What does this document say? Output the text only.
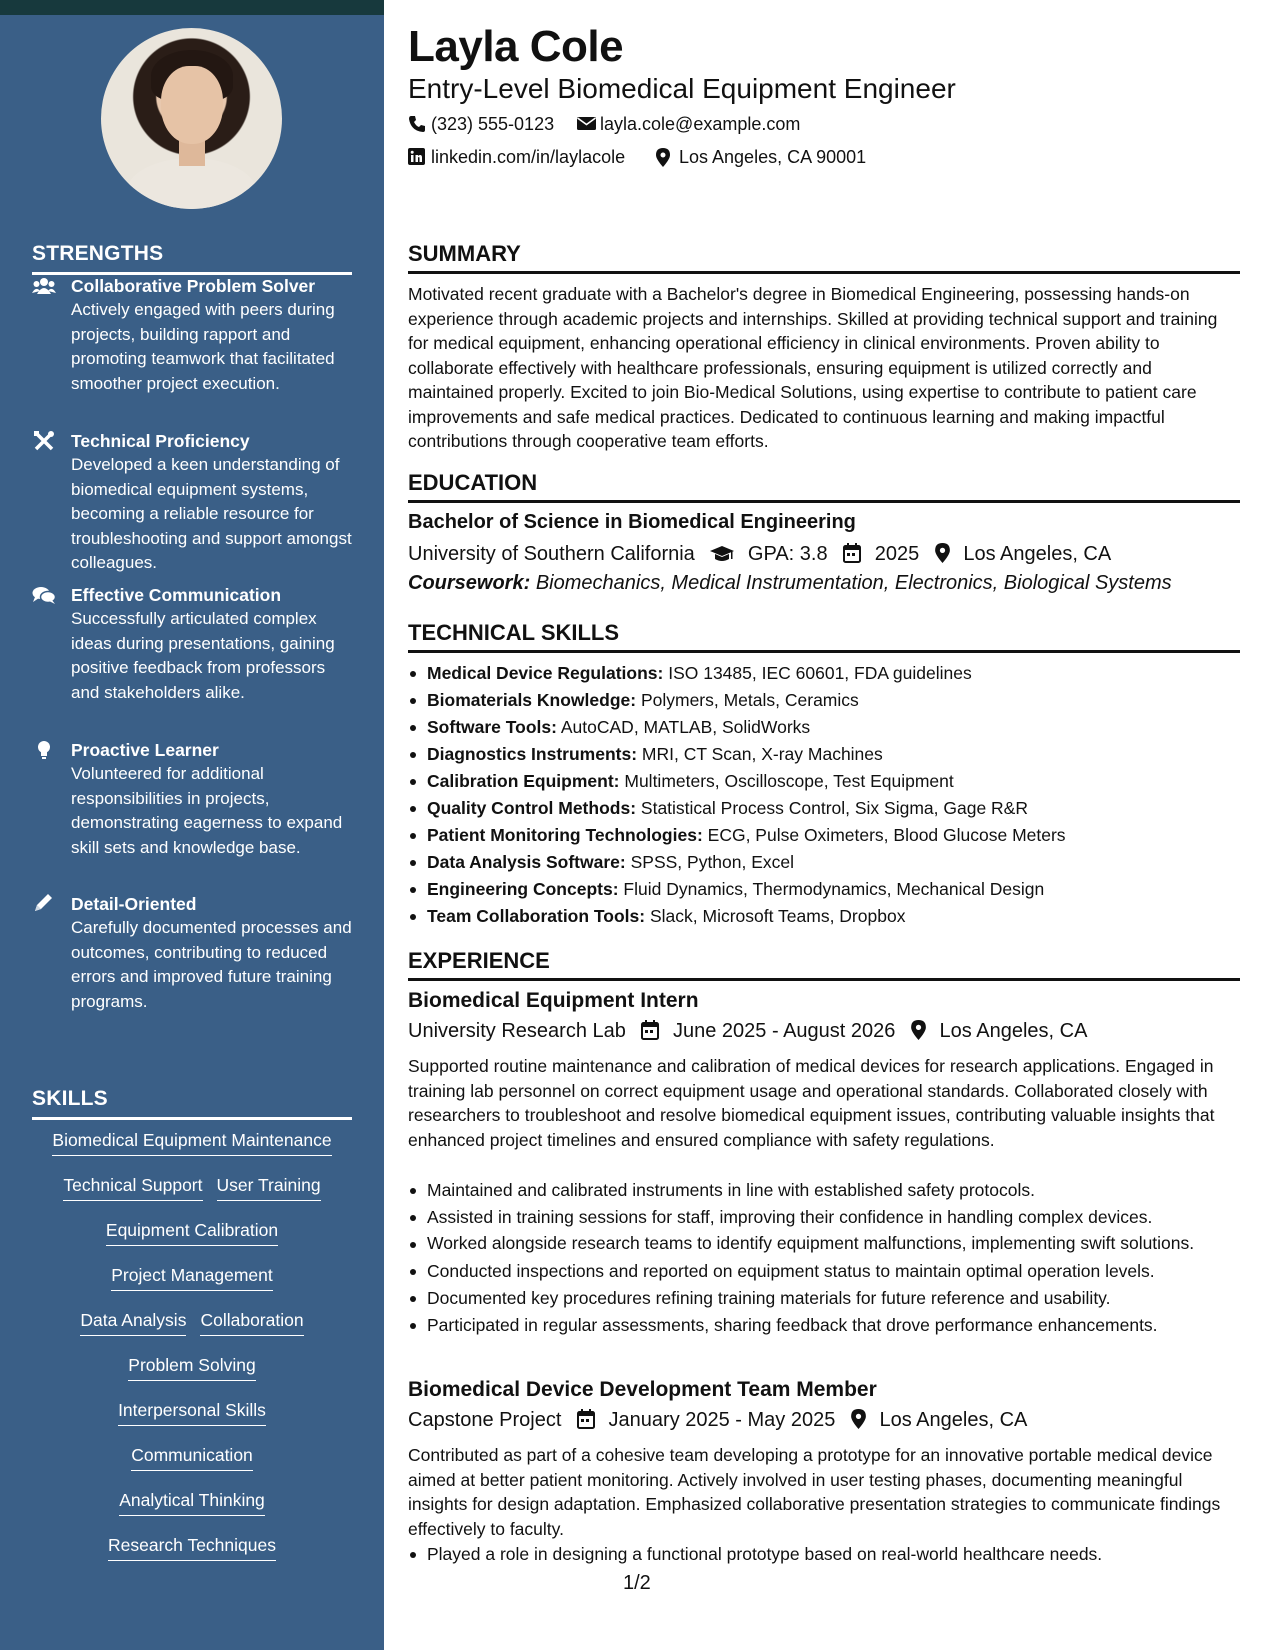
STRENGTHS
Collaborative Problem Solver
Actively engaged with peers during projects, building rapport and promoting teamwork that facilitated smoother project execution.
Technical Proficiency
Developed a keen understanding of biomedical equipment systems, becoming a reliable resource for troubleshooting and support amongst colleagues.
Effective Communication
Successfully articulated complex ideas during presentations, gaining positive feedback from professors and stakeholders alike.
Proactive Learner
Volunteered for additional responsibilities in projects, demonstrating eagerness to expand skill sets and knowledge base.
Detail-Oriented
Carefully documented processes and outcomes, contributing to reduced errors and improved future training programs.
SKILLS
Biomedical Equipment Maintenance
Technical Support User Training
Equipment Calibration
Project Management
Data Analysis Collaboration
Problem Solving
Interpersonal Skills
Communication
Analytical Thinking
Research Techniques
Layla Cole
Entry-Level Biomedical Equipment Engineer
(323) 555-0123	layla.cole@example.com
linkedin.com/in/laylacole	Los Angeles, CA 90001
SUMMARY
Motivated recent graduate with a Bachelor's degree in Biomedical Engineering, possessing hands-on experience through academic projects and internships. Skilled at providing technical support and training for medical equipment, enhancing operational efficiency in clinical environments. Proven ability to collaborate effectively with healthcare professionals, ensuring equipment is utilized correctly and maintained properly. Excited to join Bio-Medical Solutions, using expertise to contribute to patient care improvements and safe medical practices. Dedicated to continuous learning and making impactful contributions through cooperative team efforts.
EDUCATION
Bachelor of Science in Biomedical Engineering
University of Southern California	GPA: 3.8 2025 Los Angeles, CA
Coursework: Biomechanics, Medical Instrumentation, Electronics, Biological Systems
TECHNICAL SKILLS
Medical Device Regulations: ISO 13485, IEC 60601, FDA guidelines
Biomaterials Knowledge: Polymers, Metals, Ceramics
Software Tools: AutoCAD, MATLAB, SolidWorks
Diagnostics Instruments: MRI, CT Scan, X-ray Machines
Calibration Equipment: Multimeters, Oscilloscope, Test Equipment
Quality Control Methods: Statistical Process Control, Six Sigma, Gage R&R
Patient Monitoring Technologies: ECG, Pulse Oximeters, Blood Glucose Meters
Data Analysis Software: SPSS, Python, Excel
Engineering Concepts: Fluid Dynamics, Thermodynamics, Mechanical Design
Team Collaboration Tools: Slack, Microsoft Teams, Dropbox
EXPERIENCE
Biomedical Equipment Intern
University Research Lab June 2025 - August 2026 Los Angeles, CA
Supported routine maintenance and calibration of medical devices for research applications. Engaged in training lab personnel on correct equipment usage and operational standards. Collaborated closely with researchers to troubleshoot and resolve biomedical equipment issues, contributing valuable insights that enhanced project timelines and ensured compliance with safety regulations.
Maintained and calibrated instruments in line with established safety protocols.
Assisted in training sessions for staff, improving their confidence in handling complex devices.
Worked alongside research teams to identify equipment malfunctions, implementing swift solutions.
Conducted inspections and reported on equipment status to maintain optimal operation levels.
Documented key procedures refining training materials for future reference and usability.
Participated in regular assessments, sharing feedback that drove performance enhancements.
Biomedical Device Development Team Member
Capstone Project January 2025 - May 2025 Los Angeles, CA
Contributed as part of a cohesive team developing a prototype for an innovative portable medical device aimed at better patient monitoring. Actively involved in user testing phases, documenting meaningful insights for design adaptation. Emphasized collaborative presentation strategies to communicate findings effectively to faculty.
Played a role in designing a functional prototype based on real-world healthcare needs.
1/2
